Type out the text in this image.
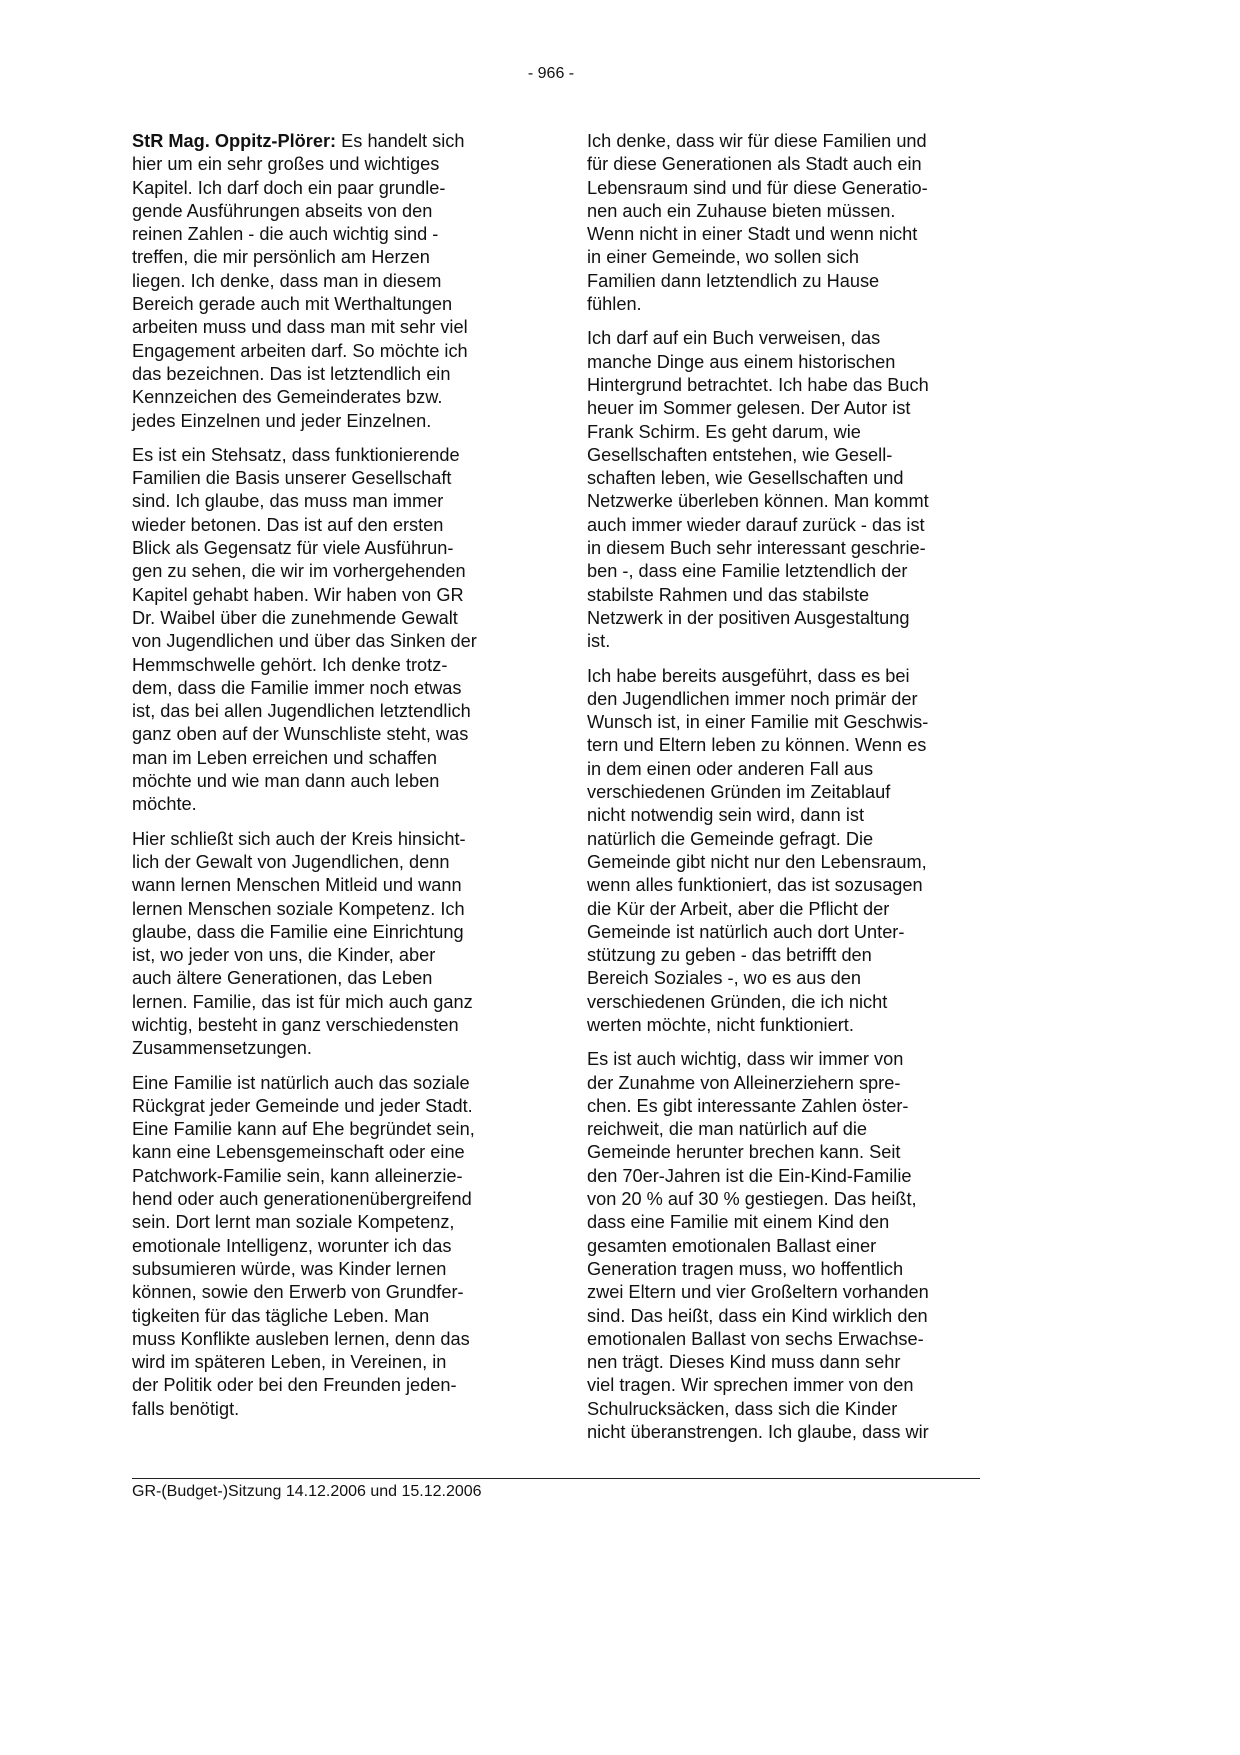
- 966 -

StR Mag. Oppitz-Plörer: Es handelt sich
hier um ein sehr großes und wichtiges
Kapitel. Ich darf doch ein paar grundle-
gende Ausführungen abseits von den
reinen Zahlen - die auch wichtig sind -
treffen, die mir persönlich am Herzen
liegen. Ich denke, dass man in diesem
Bereich gerade auch mit Werthaltungen
arbeiten muss und dass man mit sehr viel
Engagement arbeiten darf. So möchte ich
das bezeichnen. Das ist letztendlich ein
Kennzeichen des Gemeinderates bzw.
jedes Einzelnen und jeder Einzelnen.

Es ist ein Stehsatz, dass funktionierende
Familien die Basis unserer Gesellschaft
sind. Ich glaube, das muss man immer
wieder betonen. Das ist auf den ersten
Blick als Gegensatz für viele Ausführun-
gen zu sehen, die wir im vorhergehenden
Kapitel gehabt haben. Wir haben von GR
Dr. Waibel über die zunehmende Gewalt
von Jugendlichen und über das Sinken der
Hemmschwelle gehört. Ich denke trotz-
dem, dass die Familie immer noch etwas
ist, das bei allen Jugendlichen letztendlich
ganz oben auf der Wunschliste steht, was
man im Leben erreichen und schaffen
möchte und wie man dann auch leben
möchte.

Hier schließt sich auch der Kreis hinsicht-
lich der Gewalt von Jugendlichen, denn
wann lernen Menschen Mitleid und wann
lernen Menschen soziale Kompetenz. Ich
glaube, dass die Familie eine Einrichtung
ist, wo jeder von uns, die Kinder, aber
auch ältere Generationen, das Leben
lernen. Familie, das ist für mich auch ganz
wichtig, besteht in ganz verschiedensten
Zusammensetzungen.

Eine Familie ist natürlich auch das soziale
Rückgrat jeder Gemeinde und jeder Stadt.
Eine Familie kann auf Ehe begründet sein,
kann eine Lebensgemeinschaft oder eine
Patchwork-Familie sein, kann alleinerzie-
hend oder auch generationenübergreifend
sein. Dort lernt man soziale Kompetenz,
emotionale Intelligenz, worunter ich das
subsumieren würde, was Kinder lernen
können, sowie den Erwerb von Grundfer-
tigkeiten für das tägliche Leben. Man
muss Konflikte ausleben lernen, denn das
wird im späteren Leben, in Vereinen, in
der Politik oder bei den Freunden jeden-
falls benötigt.

Ich denke, dass wir für diese Familien und
für diese Generationen als Stadt auch ein
Lebensraum sind und für diese Generatio-
nen auch ein Zuhause bieten müssen.
Wenn nicht in einer Stadt und wenn nicht
in einer Gemeinde, wo sollen sich
Familien dann letztendlich zu Hause
fühlen.

Ich darf auf ein Buch verweisen, das
manche Dinge aus einem historischen
Hintergrund betrachtet. Ich habe das Buch
heuer im Sommer gelesen. Der Autor ist
Frank Schirm. Es geht darum, wie
Gesellschaften entstehen, wie Gesell-
schaften leben, wie Gesellschaften und
Netzwerke überleben können. Man kommt
auch immer wieder darauf zurück - das ist
in diesem Buch sehr interessant geschrie-
ben -, dass eine Familie letztendlich der
stabilste Rahmen und das stabilste
Netzwerk in der positiven Ausgestaltung
ist.

Ich habe bereits ausgeführt, dass es bei
den Jugendlichen immer noch primär der
Wunsch ist, in einer Familie mit Geschwis-
tern und Eltern leben zu können. Wenn es
in dem einen oder anderen Fall aus
verschiedenen Gründen im Zeitablauf
nicht notwendig sein wird, dann ist
natürlich die Gemeinde gefragt. Die
Gemeinde gibt nicht nur den Lebensraum,
wenn alles funktioniert, das ist sozusagen
die Kür der Arbeit, aber die Pflicht der
Gemeinde ist natürlich auch dort Unter-
stützung zu geben - das betrifft den
Bereich Soziales -, wo es aus den
verschiedenen Gründen, die ich nicht
werten möchte, nicht funktioniert.

Es ist auch wichtig, dass wir immer von
der Zunahme von Alleinerziehern spre-
chen. Es gibt interessante Zahlen öster-
reichweit, die man natürlich auf die
Gemeinde herunter brechen kann. Seit
den 70er-Jahren ist die Ein-Kind-Familie
von 20 % auf 30 % gestiegen. Das heißt,
dass eine Familie mit einem Kind den
gesamten emotionalen Ballast einer
Generation tragen muss, wo hoffentlich
zwei Eltern und vier Großeltern vorhanden
sind. Das heißt, dass ein Kind wirklich den
emotionalen Ballast von sechs Erwachse-
nen trägt. Dieses Kind muss dann sehr
viel tragen. Wir sprechen immer von den
Schulrucksäcken, dass sich die Kinder
nicht überanstrengen. Ich glaube, dass wir

GR-(Budget-)Sitzung 14.12.2006 und 15.12.2006
